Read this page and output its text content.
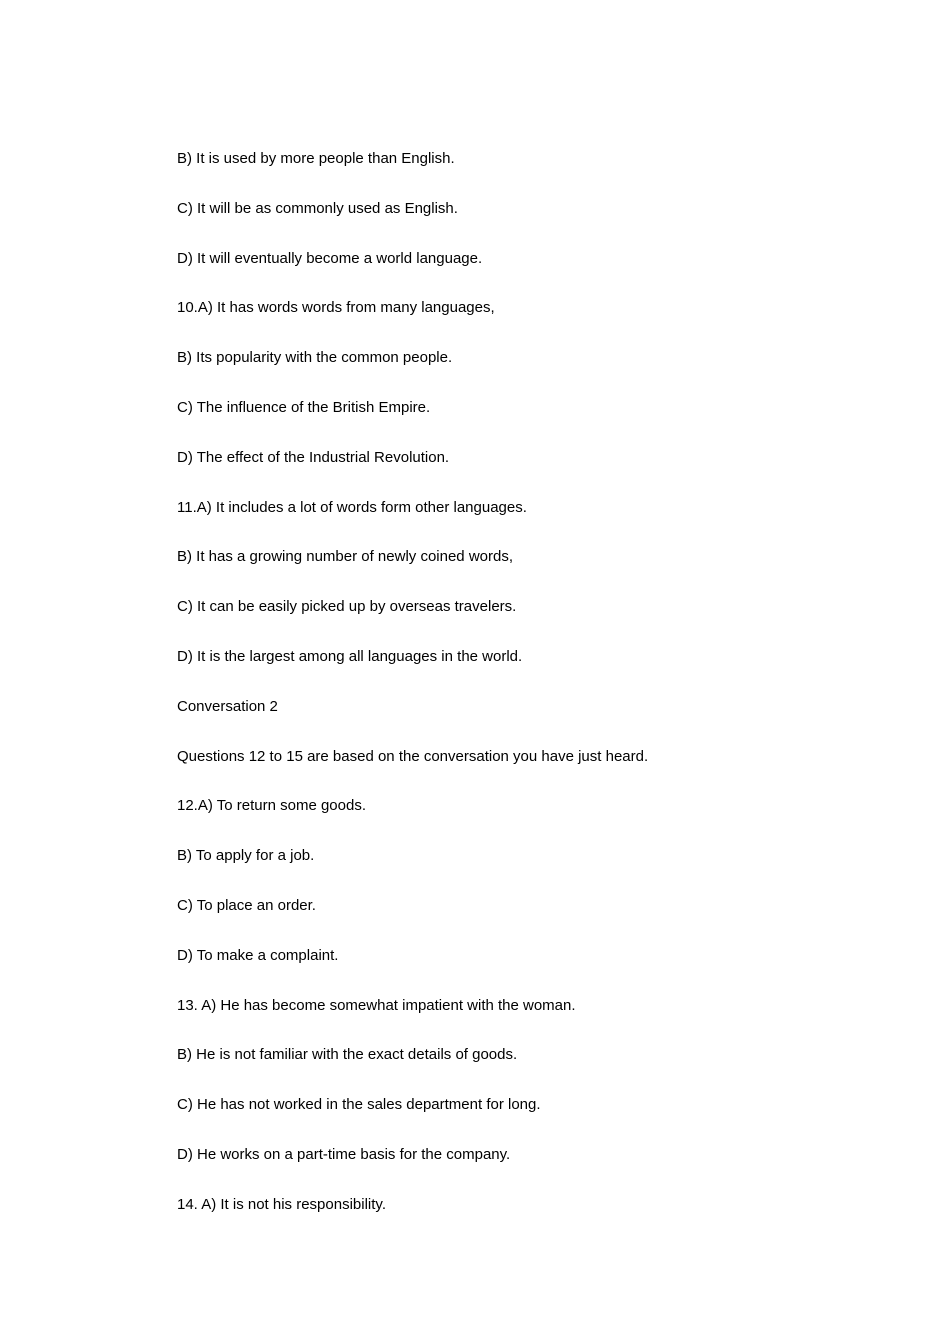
B) It is used by more people than English.
C) It will be as commonly used as English.
D) It will eventually become a world language.
10.A) It has words words from many languages,
B) Its popularity with the common people.
C) The influence of the British Empire.
D) The effect of the Industrial Revolution.
11.A) It includes a lot of words form other languages.
B) It has a growing number of newly coined words,
C) It can be easily picked up by overseas travelers.
D) It is the largest among all languages in the world.
Conversation 2
Questions 12 to 15 are based on the conversation you have just heard.
12.A) To return some goods.
B) To apply for a job.
C) To place an order.
D) To make a complaint.
13. A) He has become somewhat impatient with the woman.
B) He is not familiar with the exact details of goods.
C) He has not worked in the sales department for long.
D) He works on a part-time basis for the company.
14. A) It is not his responsibility.
